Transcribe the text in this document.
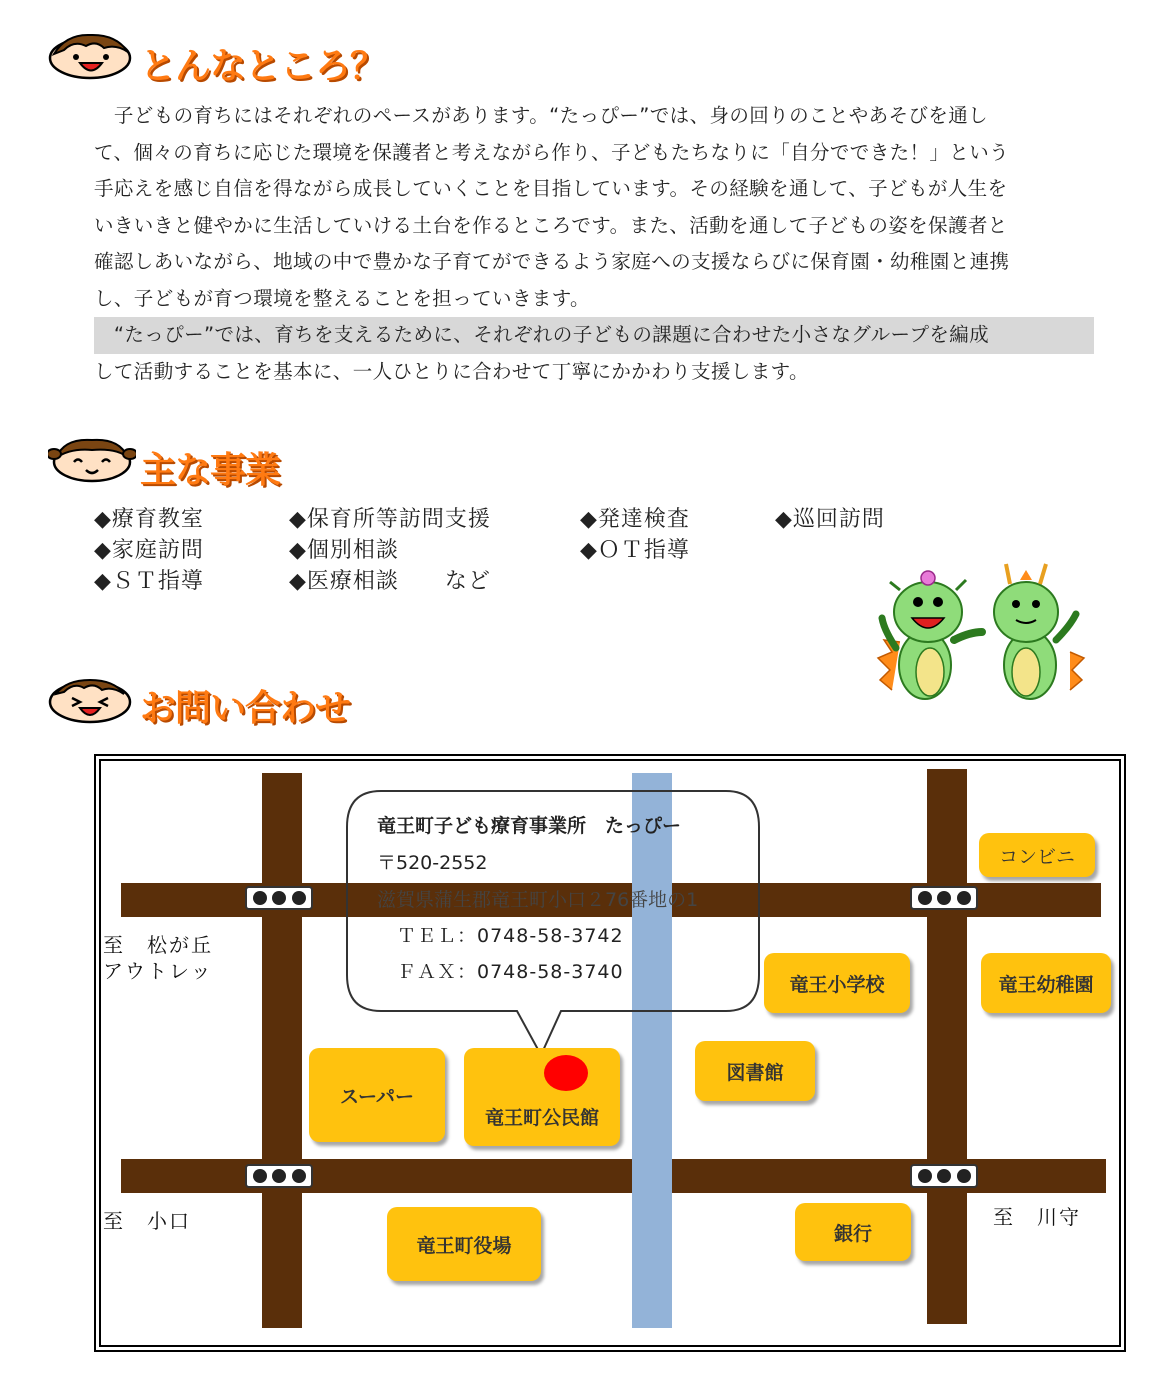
とんなところ？

　子どもの育ちにはそれぞれのペースがあります。“たっぴー”では、身の回りのことやあそびを通し

て、個々の育ちに応じた環境を保護者と考えながら作り、子どもたちなりに「自分でできた！」という

手応えを感じ自信を得ながら成長していくことを目指しています。その経験を通して、子どもが人生を

いきいきと健やかに生活していける土台を作るところです。また、活動を通して子どもの姿を保護者と

確認しあいながら、地域の中で豊かな子育てができるよう家庭への支援ならびに保育園・幼稚園と連携

し、子どもが育つ環境を整えることを担っていきます。

　“たっぴー”では、育ちを支えるために、それぞれの子どもの課題に合わせた小さなグループを編成

して活動することを基本に、一人ひとりに合わせて丁寧にかかわり支援します。

主な事業
◆療育教室	◆保育所等訪問支援	◆発達検査	◆巡回訪問
◆家庭訪問	◆個別相談	◆ＯＴ指導
◆ＳＴ指導	◆医療相談　　など
お問い合わせ
竜王町子ども療育事業所　たっぴー
〒520-2552
滋賀県蒲生郡竜王町小口２76番地の1
ＴＥＬ：0748-58-3742
ＦＡＸ：0748-58-3740
コンビニ
竜王小学校	竜王幼稚園
図書館
スーパー
竜王町公民館
竜王町役場
銀行
至　松が丘
アウトレッ
至　小口	至　川守
